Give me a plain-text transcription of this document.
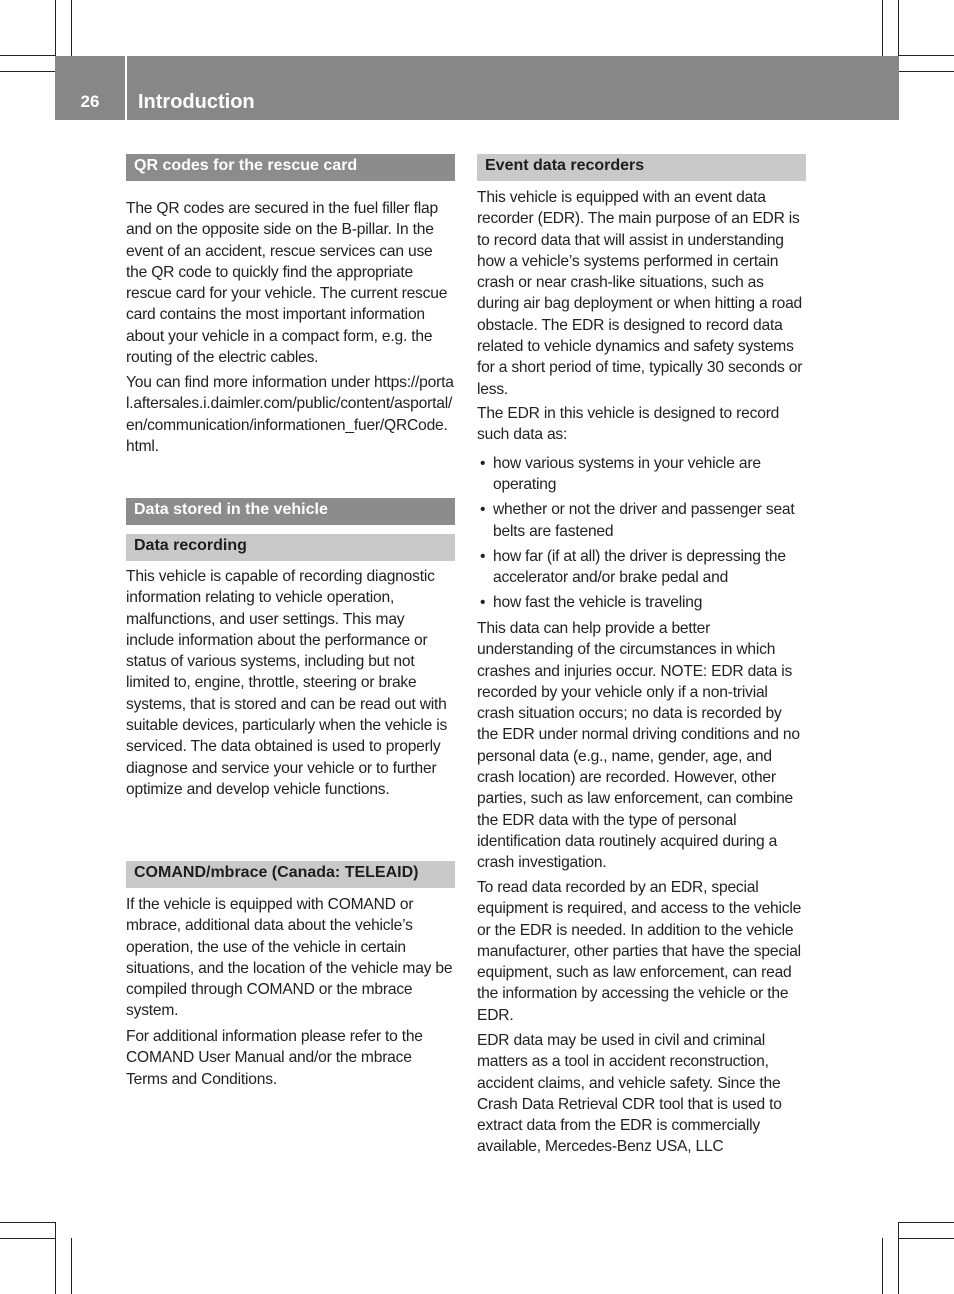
26	Introduction
QR codes for the rescue card

The QR codes are secured in the fuel filler flap and on the opposite side on the B-pillar. In the event of an accident, rescue services can use the QR code to quickly find the appropriate rescue card for your vehicle. The current rescue card contains the most important information about your vehicle in a compact form, e.g. the routing of the electric cables.

You can find more information under https://portal.aftersales.i.daimler.com/public/content/asportal/en/communication/informationen_fuer/QRCode.html.

Data stored in the vehicle
Data recording

This vehicle is capable of recording diagnostic information relating to vehicle operation, malfunctions, and user settings. This may include information about the performance or status of various systems, including but not limited to, engine, throttle, steering or brake systems, that is stored and can be read out with suitable devices, particularly when the vehicle is serviced. The data obtained is used to properly diagnose and service your vehicle or to further optimize and develop vehicle functions.

COMAND/mbrace (Canada: TELEAID)

If the vehicle is equipped with COMAND or mbrace, additional data about the vehicle’s operation, the use of the vehicle in certain situations, and the location of the vehicle may be compiled through COMAND or the mbrace system.

For additional information please refer to the COMAND User Manual and/or the mbrace Terms and Conditions.

Event data recorders

This vehicle is equipped with an event data recorder (EDR). The main purpose of an EDR is to record data that will assist in understanding how a vehicle’s systems performed in certain crash or near crash-like situations, such as during air bag deployment or when hitting a road obstacle. The EDR is designed to record data related to vehicle dynamics and safety systems for a short period of time, typically 30 seconds or less.

The EDR in this vehicle is designed to record such data as:

• how various systems in your vehicle are operating
• whether or not the driver and passenger seat belts are fastened
• how far (if at all) the driver is depressing the accelerator and/or brake pedal and
• how fast the vehicle is traveling

This data can help provide a better understanding of the circumstances in which crashes and injuries occur. NOTE: EDR data is recorded by your vehicle only if a non-trivial crash situation occurs; no data is recorded by the EDR under normal driving conditions and no personal data (e.g., name, gender, age, and crash location) are recorded. However, other parties, such as law enforcement, can combine the EDR data with the type of personal identification data routinely acquired during a crash investigation.

To read data recorded by an EDR, special equipment is required, and access to the vehicle or the EDR is needed. In addition to the vehicle manufacturer, other parties that have the special equipment, such as law enforcement, can read the information by accessing the vehicle or the EDR.

EDR data may be used in civil and criminal matters as a tool in accident reconstruction, accident claims, and vehicle safety. Since the Crash Data Retrieval CDR tool that is used to extract data from the EDR is commercially available, Mercedes-Benz USA, LLC
